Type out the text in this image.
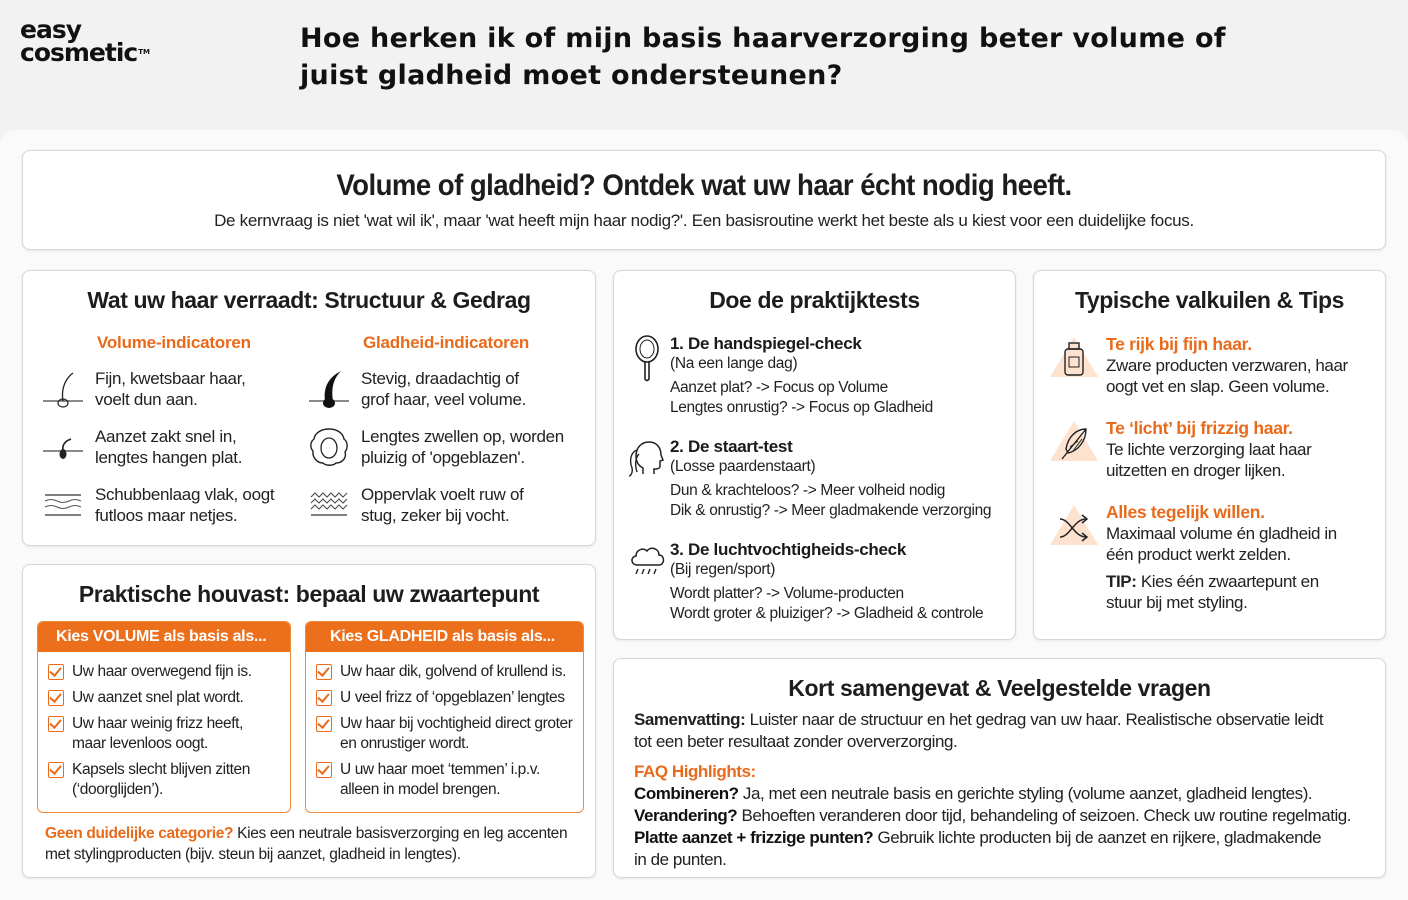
easy
cosmetic™	Hoe herken ik of mijn basis haarverzorging beter volume of juist gladheid moet ondersteunen?
Volume of gladheid? Ontdek wat uw haar écht nodig heeft.
De kernvraag is niet 'wat wil ik', maar 'wat heeft mijn haar nodig?'. Een basisroutine werkt het beste als u kiest voor een duidelijke focus.
Wat uw haar verraadt: Structuur & Gedrag
Volume-indicatoren	Gladheid-indicatoren
Fijn, kwetsbaar haar,
voelt dun aan.
Aanzet zakt snel in,
lengtes hangen plat.
Schubbenlaag vlak, oogt
futloos maar netjes.
Stevig, draadachtig of
grof haar, veel volume.
Lengtes zwellen op, worden
pluizig of 'opgeblazen'.
Oppervlak voelt ruw of
stug, zeker bij vocht.
Praktische houvast: bepaal uw zwaartepunt
Kies VOLUME als basis als...
Uw haar overwegend fijn is.
Uw aanzet snel plat wordt.
Uw haar weinig frizz heeft,
maar levenloos oogt.
Kapsels slecht blijven zitten
(‘doorglijden’).
Kies GLADHEID als basis als...
Uw haar dik, golvend of krullend is.
U veel frizz of ‘opgeblazen’ lengtes
Uw haar bij vochtigheid direct groter
en onrustiger wordt.
U uw haar moet ‘temmen’ i.p.v.
alleen in model brengen.
Geen duidelijke categorie? Kies een neutrale basisverzorging en leg accenten
met stylingproducten (bijv. steun bij aanzet, gladheid in lengtes).
Doe de praktijktests
1. De handspiegel-check
(Na een lange dag)
Aanzet plat? -> Focus op Volume
Lengtes onrustig? -> Focus op Gladheid
2. De staart-test
(Losse paardenstaart)
Dun & krachteloos? -> Meer volheid nodig
Dik & onrustig? -> Meer gladmakende verzorging
3. De luchtvochtigheids-check
(Bij regen/sport)
Wordt platter? -> Volume-producten
Wordt groter & pluiziger? -> Gladheid & controle
Typische valkuilen & Tips
Te rijk bij fijn haar.
Zware producten verzwaren, haar
oogt vet en slap. Geen volume.
Te ‘licht’ bij frizzig haar.
Te lichte verzorging laat haar
uitzetten en droger lijken.
Alles tegelijk willen.
Maximaal volume én gladheid in
één product werkt zelden.
TIP: Kies één zwaartepunt en
stuur bij met styling.
Kort samengevat & Veelgestelde vragen
Samenvatting: Luister naar de structuur en het gedrag van uw haar. Realistische observatie leidt
tot een beter resultaat zonder oververzorging.
FAQ Highlights:
Combineren? Ja, met een neutrale basis en gerichte styling (volume aanzet, gladheid lengtes).
Verandering? Behoeften veranderen door tijd, behandeling of seizoen. Check uw routine regelmatig.
Platte aanzet + frizzige punten? Gebruik lichte producten bij de aanzet en rijkere, gladmakende
in de punten.
